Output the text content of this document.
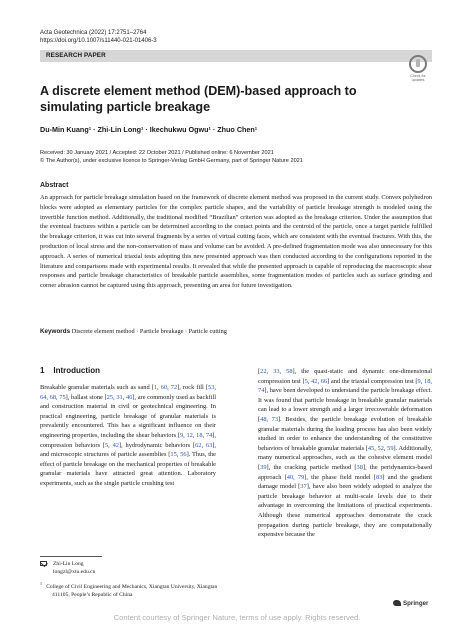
Acta Geotechnica (2022) 17:2751–2764
https://doi.org/10.1007/s11440-021-01406-3
RESEARCH PAPER
Check for updates
A discrete element method (DEM)-based approach to simulating particle breakage
Du-Min Kuang¹ · Zhi-Lin Long¹ · Ikechukwu Ogwu¹ · Zhuo Chen¹
Received: 30 January 2021 / Accepted: 22 October 2021 / Published online: 6 November 2021
© The Author(s), under exclusive licence to Springer-Verlag GmbH Germany, part of Springer Nature 2021
Abstract
An approach for particle breakage simulation based on the framework of discrete element method was proposed in the current study. Convex polyhedron blocks were adopted as elementary particles for the complex particle shapes, and the variability of particle breakage strength is modeled using the invertible function method. Additionally, the traditional modified “Brazilian” criterion was adopted as the breakage criterion. Under the assumption that the eventual fractures within a particle can be determined according to the contact points and the centroid of the particle, once a target particle fulfilled the breakage criterion, it was cut into several fragments by a series of virtual cutting faces, which are consistent with the eventual fractures. With this, the production of local stress and the non-conservation of mass and volume can be avoided. A pre-defined fragmentation mode was also unnecessary for this approach. A series of numerical triaxial tests adopting this new presented approach was then conducted according to the configurations reported in the literature and comparisons made with experimental results. It revealed that while the presented approach is capable of reproducing the macroscopic shear responses and particle breakage characteristics of breakable particle assemblies, some fragmentation modes of particles such as surface grinding and corner abrasion cannot be captured using this approach, presenting an area for future investigation.
Keywords Discrete element method · Particle breakage · Particle cutting
1 Introduction
Breakable granular materials such as sand [1, 60, 72], rock fill [53, 64, 68, 75], ballast stone [25, 31, 46], are commonly used as backfill and construction material in civil or geotechnical engineering. In practical engineering, particle breakage of granular materials is prevalently encountered. This has a significant influence on their engineering properties, including the shear behaviors [9, 12, 18, 74], compression behaviors [5, 42], hydrodynamic behaviors [62, 63], and microscopic structures of particle assemblies [15, 56]. Thus, the effect of particle breakage on the mechanical properties of breakable granular materials have attracted great attention. Laboratory experiments, such as the single particle crushing test
[22, 33, 58], the quasi-static and dynamic one-dimensional compression test [5, 42, 66] and the triaxial compression test [9, 18, 74], have been developed to understand the particle breakage effect. It was found that particle breakage in breakable granular materials can lead to a lower strength and a larger irrecoverable deformation [48, 73]. Besides, the particle breakage evolution of breakable granular materials during the loading process has also been widely studied in order to enhance the understanding of the constitutive behaviors of breakable granular materials [45, 52, 59]. Additionally, many numerical approaches, such as the cohesive element model [39], the cracking particle method [38], the peridynamics-based approach [40, 79], the phase field model [83] and the gradient damage model [37], have also been widely adopted to analyze the particle breakage behavior at multi-scale levels due to their advantage in overcoming the limitations of practical experiments. Although these numerical approaches demonstrate the crack propagation during particle breakage, they are computationally expensive because the
Zhi-Lin Long
longzl@xtu.edu.cn
$^1$   College of Civil Engineering and Mechanics, Xiangtan University, Xiangtan 411105, People’s Republic of China
Springer
Content courtesy of Springer Nature, terms of use apply. Rights reserved.
